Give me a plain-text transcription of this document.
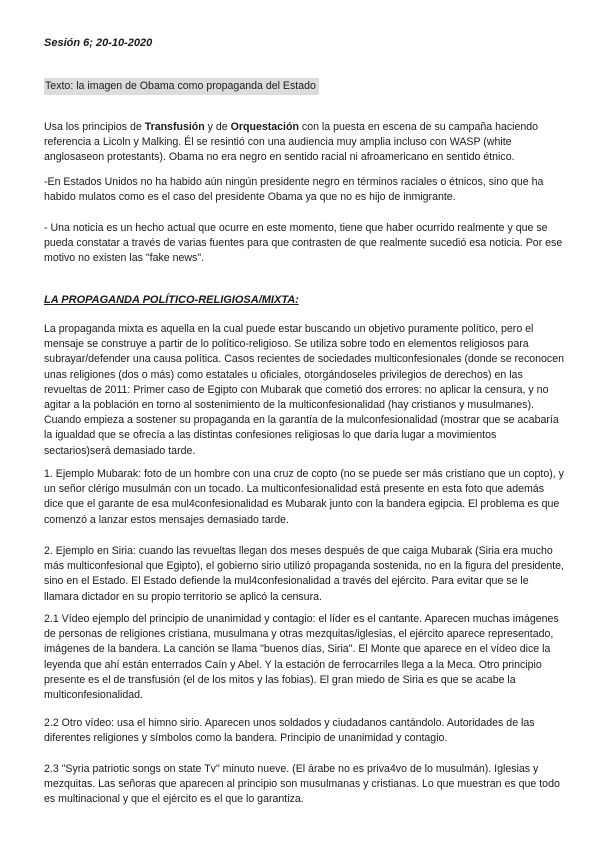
Sesión 6; 20-10-2020

Texto: la imagen de Obama como propaganda del Estado

Usa los principios de Transfusión y de Orquestación con la puesta en escena de su campaña haciendo referencia a Licoln y Malking. Él se resintió con una audiencia muy amplia incluso con WASP (white anglosaseon protestants). Obama no era negro en sentido racial ni afroamericano en sentido étnico.

-En Estados Unidos no ha habido aún ningún presidente negro en términos raciales o étnicos, sino que ha habido mulatos como es el caso del presidente Obama ya que no es hijo de inmigrante.

- Una noticia es un hecho actual que ocurre en este momento, tiene que haber ocurrido realmente y que se pueda constatar a través de varias fuentes para que contrasten de que realmente sucedió esa noticia. Por ese motivo no existen las "fake news".

LA PROPAGANDA POLÍTICO-RELIGIOSA/MIXTA:

La propaganda mixta es aquella en la cual puede estar buscando un objetivo puramente político, pero el mensaje se construye a partir de lo político-religioso. Se utiliza sobre todo en elementos religiosos para subrayar/defender una causa política. Casos recientes de sociedades multiconfesionales (donde se reconocen unas religiones (dos o más) como estatales u oficiales, otorgándoseles privilegios de derechos) en las revueltas de 2011: Primer caso de Egipto con Mubarak que cometió dos errores: no aplicar la censura, y no agitar a la población en torno al sostenimiento de la multiconfesionalidad (hay cristianos y musulmanes). Cuando empieza a sostener su propaganda en la garantía de la mulconfesionalidad (mostrar que se acabaría la igualdad que se ofrecía a las distintas confesiones religiosas lo que daría lugar a movimientos sectarios)será demasiado tarde.

1. Ejemplo Mubarak: foto de un hombre con una cruz de copto (no se puede ser más cristiano que un copto), y un señor clérigo musulmán con un tocado. La multiconfesionalidad está presente en esta foto que además dice que el garante de esa mul4confesionalidad es Mubarak junto con la bandera egipcia. El problema es que comenzó a lanzar estos mensajes demasiado tarde.

2. Ejemplo en Siria: cuando las revueltas llegan dos meses después de que caiga Mubarak (Siria era mucho más multiconfesional que Egipto), el gobierno sirio utilizó propaganda sostenida, no en la figura del presidente, sino en el Estado. El Estado defiende la mul4confesionalidad a través del ejército. Para evitar que se le llamara dictador en su propio territorio se aplicó la censura.

2.1 Vídeo ejemplo del principio de unanimidad y contagio: el líder es el cantante. Aparecen muchas imágenes de personas de religiones cristiana, musulmana y otras mezquitas/iglesias, el ejército aparece representado, imágenes de la bandera. La canción se llama "buenos días, Siria". El Monte que aparece en el vídeo dice la leyenda que ahí están enterrados Caín y Abel. Y la estación de ferrocarriles llega a la Meca. Otro principio presente es el de transfusión (el de los mitos y las fobias). El gran miedo de Siria es que se acabe la multiconfesionalidad.

2.2 Otro vídeo: usa el himno sirio. Aparecen unos soldados y ciudadanos cantándolo. Autoridades de las diferentes religiones y símbolos como la bandera. Principio de unanimidad y contagio.

2.3 "Syria patriotic songs on state Tv" minuto nueve. (El árabe no es priva4vo de lo musulmán). Iglesias y mezquitas. Las señoras que aparecen al principio son musulmanas y cristianas. Lo que muestran es que todo es multinacional y que el ejército es el que lo garantiza.
